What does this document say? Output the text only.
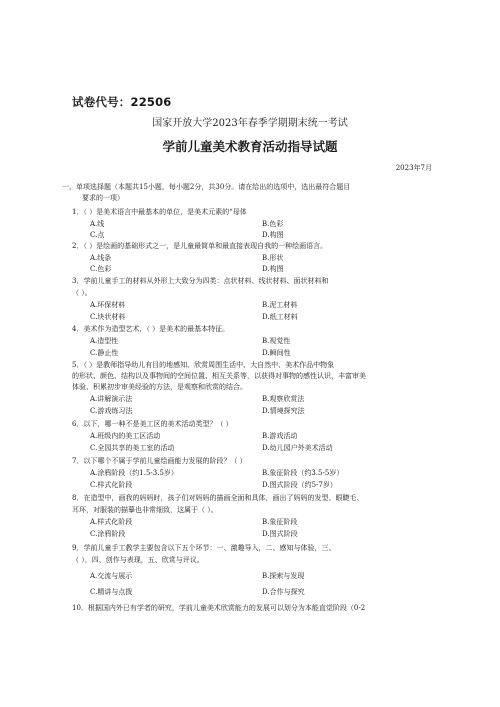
试卷代号：22506
国家开放大学2023年春季学期期末统一考试
学前儿童美术教育活动指导试题
2023年7月
一、单项选择题（本题共15小题，每小题2分，共30分。请在给出的选项中，选出最符合题目
要求的一项）
1．（ ）是美术语言中最基本的单位，是美术元素的“母体
A.线	B.色彩
C.点	D.构图
2．（ ）是绘画的基础形式之一，是儿童最简单和最直接表现自我的一种绘画语言。
A.线条	B.形状
C.色彩	D.构图
3．学前儿童手工的材料从外形上大致分为四类：点状材料、线状材料、面状材料和
（ ）。
A.环保材料	B.泥工材料
C.块状材料	D.纸工材料
4．美术作为造型艺术，（ ）是美术的最基本特征。
A.造型性	B.视觉性
C.静止性	D.瞬间性
5．（ ）是教师指导幼儿有目的地感知、欣赏周围生活中、大自然中、美术作品中物象
的形状、颜色、结构以及事物间的空间位置、相互关系等，以获得对事物的感性认识，丰富审美
体验、积累初步审美经验的方法，是观察和欣赏的结合。
A.讲解演示法	B.观察欣赏法
C.游戏练习法	D.情境探究法
6．以下，哪一种不是美工区的美术活动类型？（ ）
A.班级内的美工区活动	B.游戏活动
C.全园共享的美工室的活动	D.幼儿园户外美术活动
7．以下哪个不属于学前儿童绘画能力发展的阶段？（ ）
A.涂鸦阶段（约1.5-3.5岁）	B.象征阶段（约3.5-5岁）
C.样式化阶段	D.图式阶段（约5-7岁）
8．在造型中，画我的妈妈时，孩子们对妈妈的描画全面和具体，画出了妈妈的发型、眼睫毛、
耳环，对服装的描摹也非常细致，这属于（ ）。
A.样式化阶段	B.象征阶段
C.涂鸦阶段	D.图式阶段
9．学前儿童手工教学主要包含以下五个环节：一、激趣导入，二、感知与体验，三、
（ ），四、创作与表现，五、欣赏与评议。
A.交流与展示	B.探索与发现
C.精讲与点拨	D.合作与探究
10．根据国内外已有学者的研究，学前儿童美术欣赏能力的发展可以划分为本能直觉阶段（0-2
